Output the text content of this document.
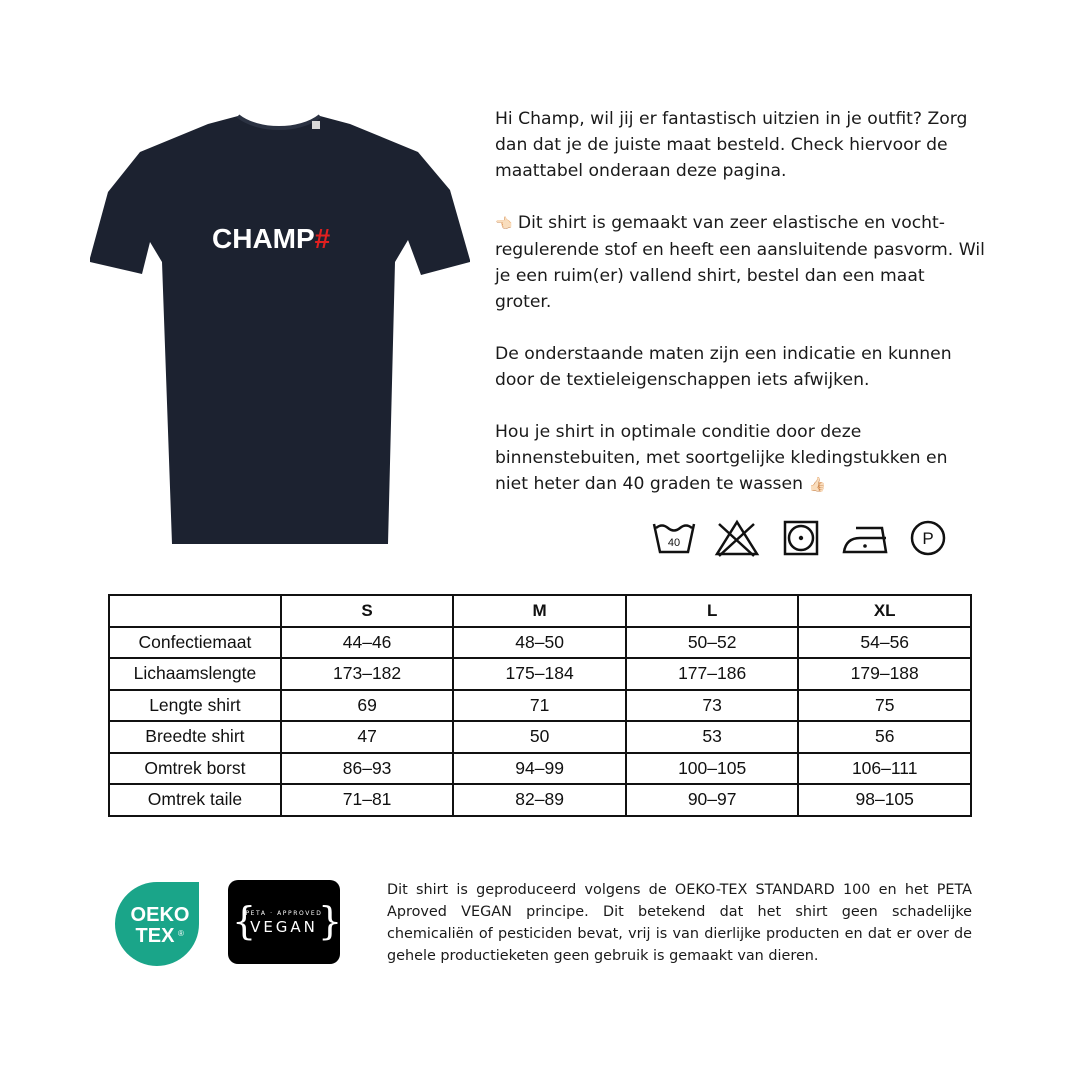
CHAMP#

Hi Champ, wil jij er fantastisch uitzien in je outfit? Zorg dan dat je de juiste maat besteld. Check hiervoor de maattabel onderaan deze pagina.

👈🏻 Dit shirt is gemaakt van zeer elastische en vocht-regulerende stof en heeft een aansluitende pasvorm. Wil je een ruim(er) vallend shirt, bestel dan een maat groter.

De onderstaande maten zijn een indicatie en kunnen door de textieleigenschappen iets afwijken.

Hou je shirt in optimale conditie door deze binnenstebuiten, met soortgelijke kledingstukken en niet heter dan 40 graden te wassen 👍🏻

40	P
	S	M	L	XL
Confectiemaat	44–46	48–50	50–52	54–56
Lichaamslengte	173–182	175–184	177–186	179–188
Lengte shirt	69	71	73	75
Breedte shirt	47	50	53	56
Omtrek borst	86–93	94–99	100–105	106–111
Omtrek taile	71–81	82–89	90–97	98–105
OEKO
TEX ® { }
PETA · APPROVED
VEGAN
Dit shirt is geproduceerd volgens de OEKO-TEX STANDARD 100 en het PETA Aproved VEGAN principe. Dit betekend dat het shirt geen schadelijke chemicaliën of pesticiden bevat, vrij is van dierlijke producten en dat er over de gehele productieketen geen gebruik is gemaakt van dieren.
